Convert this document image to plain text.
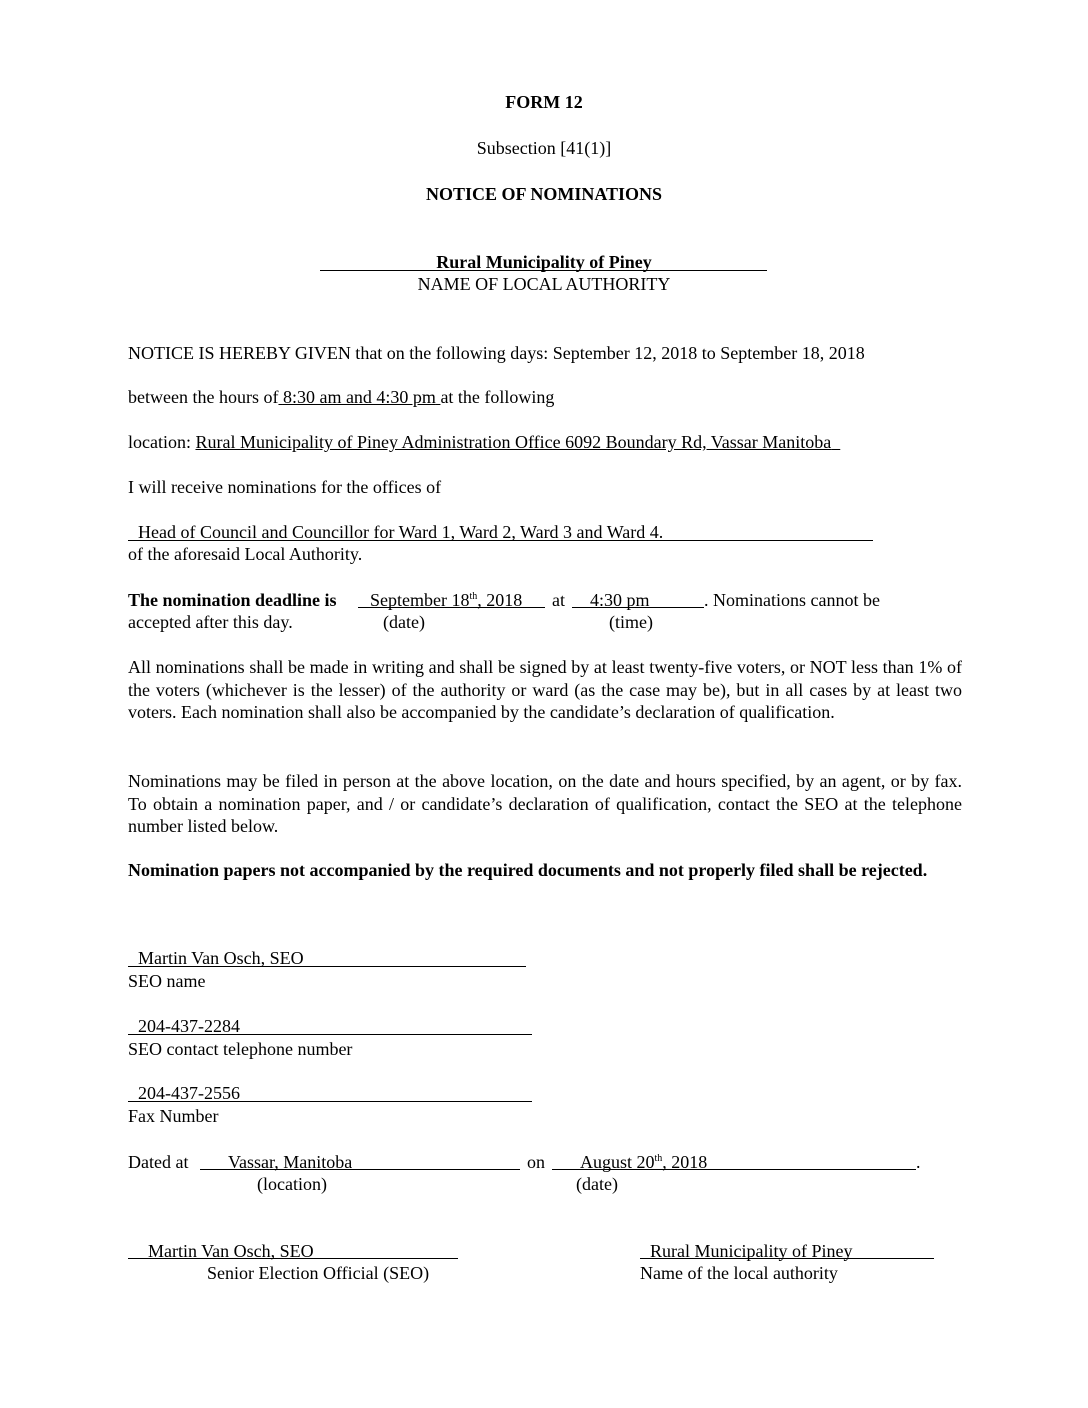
FORM 12
Subsection [41(1)]
NOTICE OF NOMINATIONS
Rural Municipality of Piney
NAME OF LOCAL AUTHORITY
NOTICE IS HEREBY GIVEN that on the following days: September 12, 2018 to September 18, 2018
between the hours of 8:30 am and 4:30 pm at the following
location: Rural Municipality of Piney Administration Office 6092 Boundary Rd, Vassar Manitoba
I will receive nominations for the offices of
Head of Council and Councillor for Ward 1, Ward 2, Ward 3 and Ward 4.
of the aforesaid Local Authority.
The nomination deadline is September 18th, 2018 at 4:30 pm	. Nominations cannot be
accepted after this day.	(date)	(time)
All nominations shall be made in writing and shall be signed by at least twenty-five voters, or NOT less than 1% of the voters (whichever is the lesser) of the authority or ward (as the case may be), but in all cases by at least two voters. Each nomination shall also be accompanied by the candidate’s declaration of qualification.
Nominations may be filed in person at the above location, on the date and hours specified, by an agent, or by fax. To obtain a nomination paper, and / or candidate’s declaration of qualification, contact the SEO at the telephone number listed below.
Nomination papers not accompanied by the required documents and not properly filed shall be rejected.
Martin Van Osch, SEO
SEO name
204-437-2284
SEO contact telephone number
204-437-2556
Fax Number
Dated at Vassar, Manitoba	on August 20th, 2018	.
(location)	(date)
Martin Van Osch, SEO
Senior Election Official (SEO)
Rural Municipality of Piney
Name of the local authority
